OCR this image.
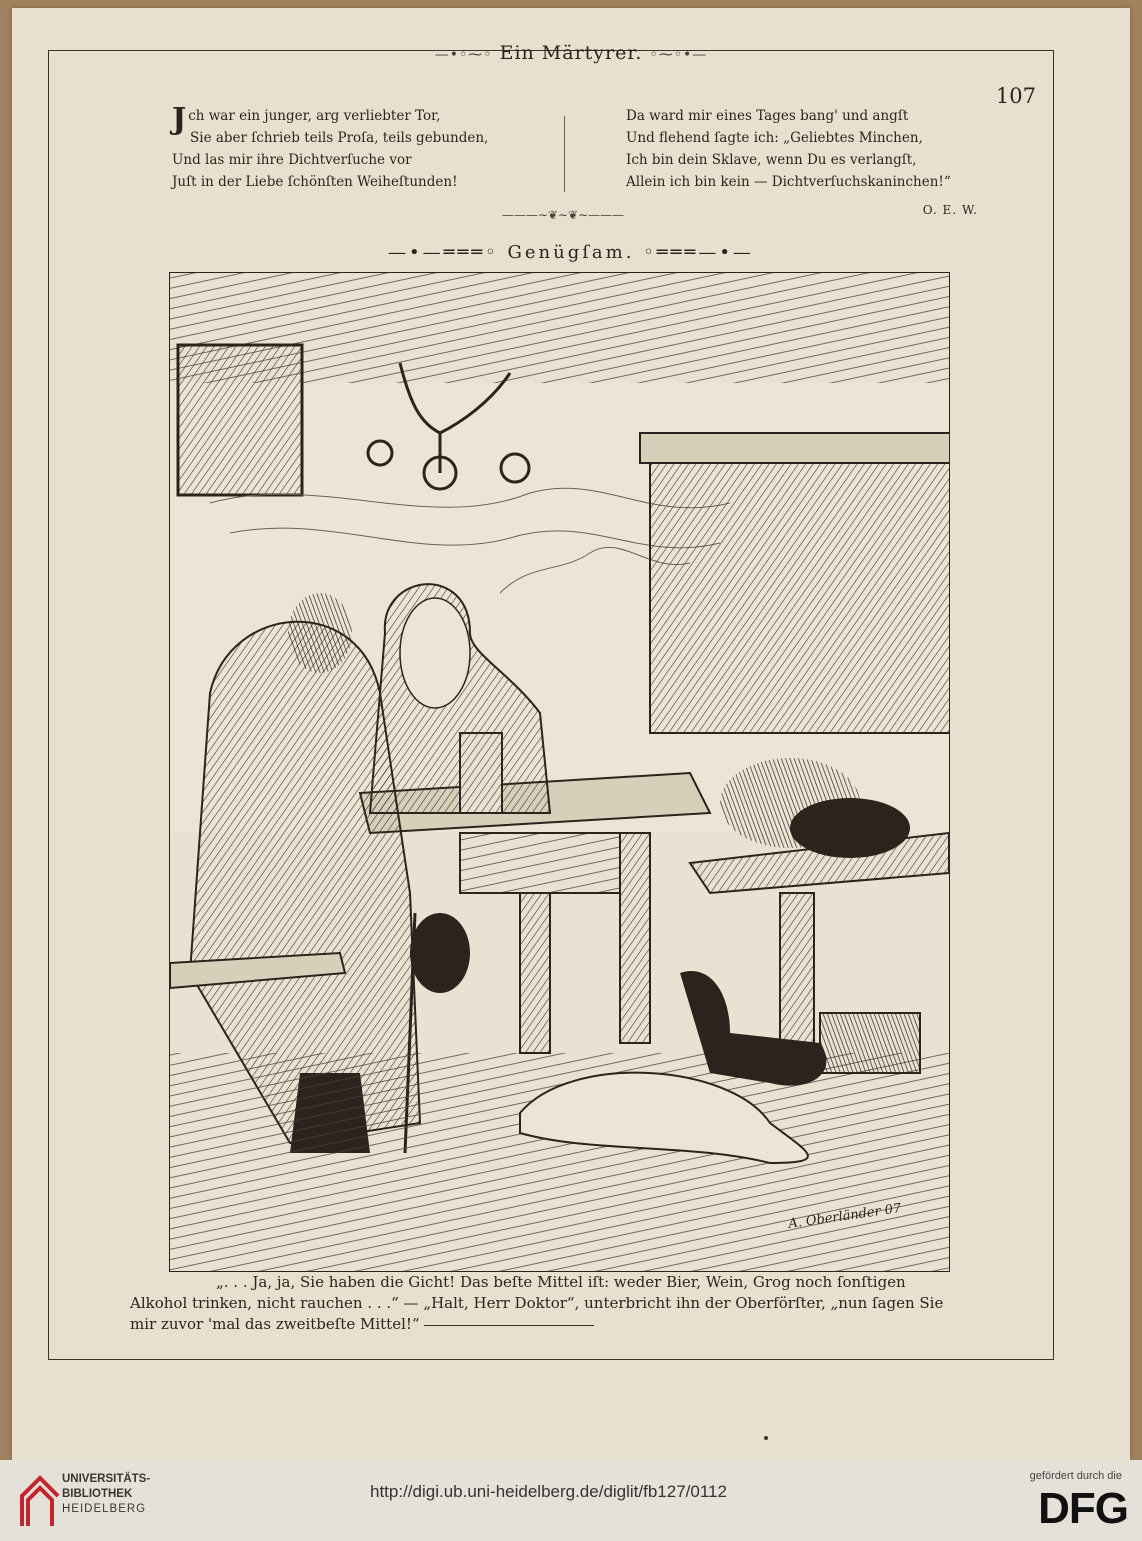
—•◦⁓◦ Ein Märtyrer. ◦⁓◦•—
107
Jch war ein junger, arg verliebter Tor,
Sie aber ſchrieb teils Proſa, teils gebunden,
Und las mir ihre Dichtverſuche vor
Juſt in der Liebe ſchönſten Weiheſtunden!
Da ward mir eines Tages bang' und angſt
Und flehend ſagte ich: „Geliebtes Minchen,
Ich bin dein Sklave, wenn Du es verlangſt,
Allein ich bin kein — Dichtverſuchskaninchen!“
O. E. W.
———∼❦∼❦∼———
—•—═══◦ Genügſam. ◦═══—•—
A. Oberländer 07
„. . . Ja, ja, Sie haben die Gicht! Das beſte Mittel iſt: weder Bier, Wein, Grog noch ſonſtigen
Alkohol trinken, nicht rauchen . . .“ — „Halt, Herr Doktor“, unterbricht ihn der Oberförſter, „nun ſagen Sie
mir zuvor 'mal das zweitbeſte Mittel!“
UNIVERSITÄTS-
BIBLIOTHEK
HEIDELBERG
http://digi.ub.uni-heidelberg.de/diglit/fb127/0112
gefördert durch die
DFG
